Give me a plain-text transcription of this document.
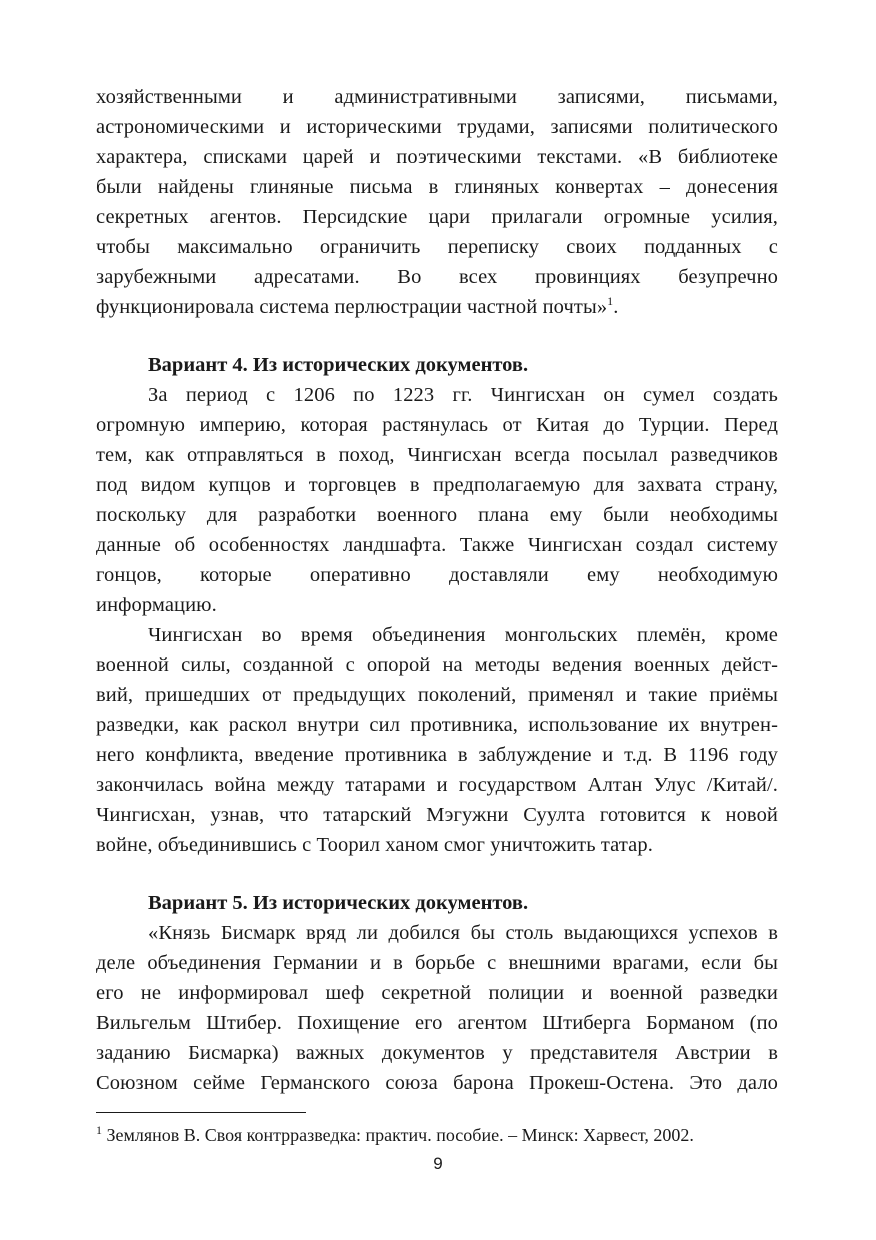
хозяйственными и административными записями, письмами,
астрономическими и историческими трудами, записями политического
характера, списками царей и поэтическими текстами. «В библиотеке
были найдены глиняные письма в глиняных конвертах – донесения
секретных агентов. Персидские цари прилагали огромные усилия,
чтобы максимально ограничить переписку своих подданных с
зарубежными адресатами. Во всех провинциях безупречно
функционировала система перлюстрации частной почты»$^1$.
Вариант 4. Из исторических документов.
За период с 1206 по 1223 гг. Чингисхан он сумел создать
огромную империю, которая растянулась от Китая до Турции. Перед
тем, как отправляться в поход, Чингисхан всегда посылал разведчиков
под видом купцов и торговцев в предполагаемую для захвата страну,
поскольку для разработки военного плана ему были необходимы
данные об особенностях ландшафта. Также Чингисхан создал систему
гонцов, которые оперативно доставляли ему необходимую
информацию.
Чингисхан во время объединения монгольских племён, кроме
военной силы, созданной с опорой на методы ведения военных дейст-
вий, пришедших от предыдущих поколений, применял и такие приёмы
разведки, как раскол внутри сил противника, использование их внутрен-
него конфликта, введение противника в заблуждение и т.д. В 1196 году
закончилась война между татарами и государством Алтан Улус /Китай/.
Чингисхан, узнав, что татарский Мэгужни Суулта готовится к новой
войне, объединившись с Тоорил ханом смог уничтожить татар.
Вариант 5. Из исторических документов.
«Князь Бисмарк вряд ли добился бы столь выдающихся успехов в
деле объединения Германии и в борьбе с внешними врагами, если бы
его не информировал шеф секретной полиции и военной разведки
Вильгельм Штибер. Похищение его агентом Штиберга Борманом (по
заданию Бисмарка) важных документов у представителя Австрии в
Союзном сейме Германского союза барона Прокеш-Остена. Это дало
$^1$ Землянов В. Своя контрразведка: практич. пособие. – Минск: Харвест, 2002.
9
